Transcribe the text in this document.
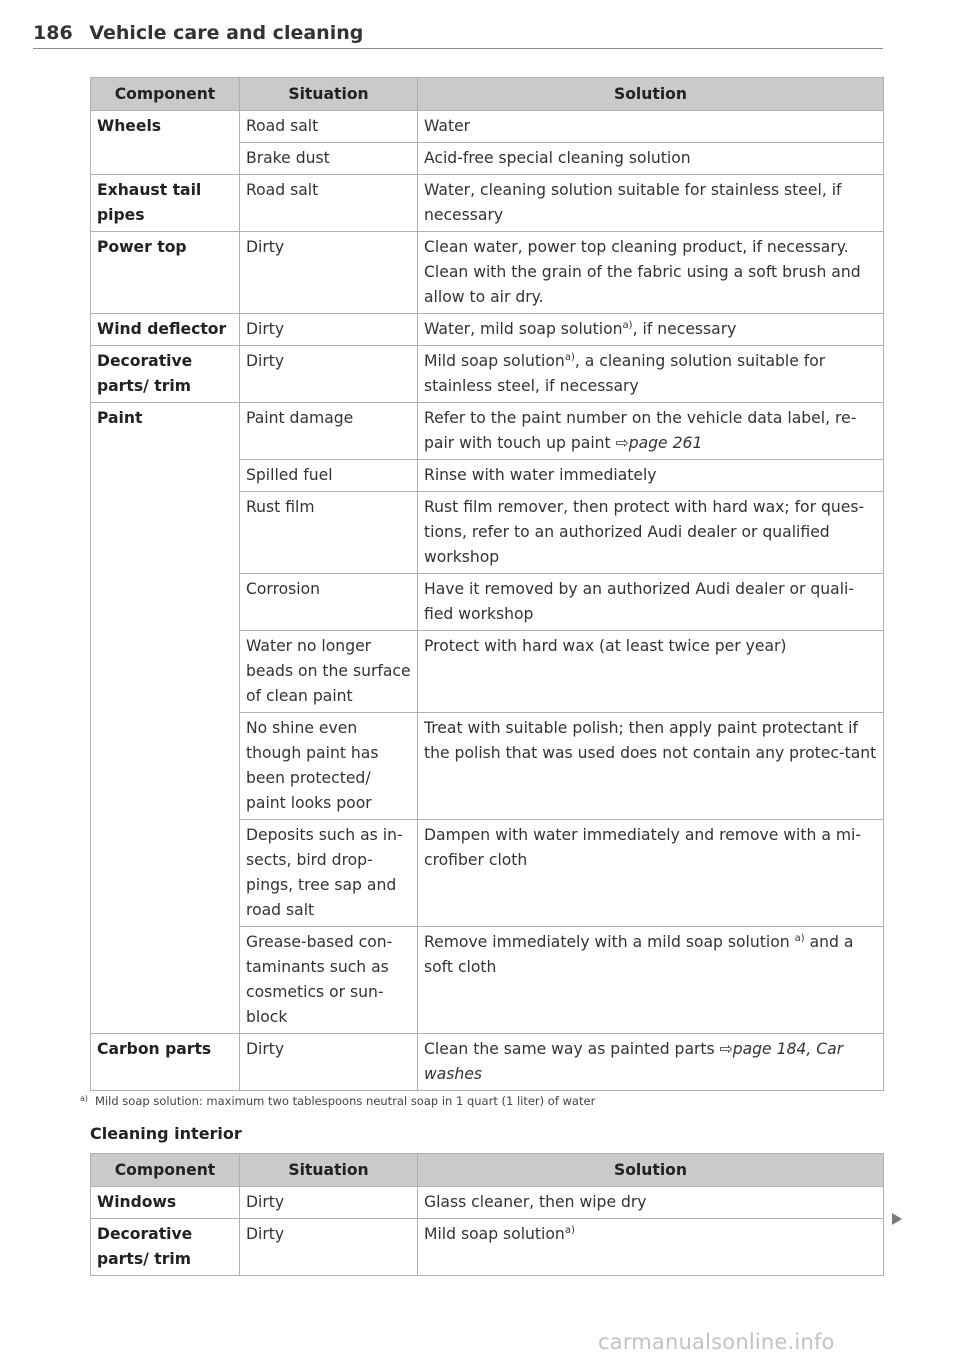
186 Vehicle care and cleaning
Component	Situation	Solution
Wheels	Road salt	Water
	Brake dust	Acid-free special cleaning solution
Exhaust tail pipes	Road salt	Water, cleaning solution suitable for stainless steel, if necessary
Power top	Dirty	Clean water, power top cleaning product, if necessary. Clean with the grain of the fabric using a soft brush and allow to air dry.
Wind deflector	Dirty	Water, mild soap solution$^{a)}$, if necessary
Decorative parts/ trim	Dirty	Mild soap solution$^{a)}$, a cleaning solution suitable for stainless steel, if necessary
Paint	Paint damage	Refer to the paint number on the vehicle data label, re-pair with touch up paint ⇨page 261
	Spilled fuel	Rinse with water immediately
	Rust film	Rust film remover, then protect with hard wax; for ques-tions, refer to an authorized Audi dealer or qualified workshop
	Corrosion	Have it removed by an authorized Audi dealer or quali-fied workshop
	Water no longer beads on the surface of clean paint	Protect with hard wax (at least twice per year)
	No shine even though paint has been protected/ paint looks poor	Treat with suitable polish; then apply paint protectant if the polish that was used does not contain any protec-tant
	Deposits such as in-sects, bird drop-pings, tree sap and road salt	Dampen with water immediately and remove with a mi-crofiber cloth
	Grease-based con-taminants such as cosmetics or sun-block	Remove immediately with a mild soap solution $^{a)}$ and a soft cloth
Carbon parts	Dirty	Clean the same way as painted parts ⇨page 184, Car washes
$^{a)}$ Mild soap solution: maximum two tablespoons neutral soap in 1 quart (1 liter) of water
Cleaning interior
Component	Situation	Solution
Windows	Dirty	Glass cleaner, then wipe dry
Decorative parts/ trim	Dirty	Mild soap solution$^{a)}$
carmanualsonline.info
